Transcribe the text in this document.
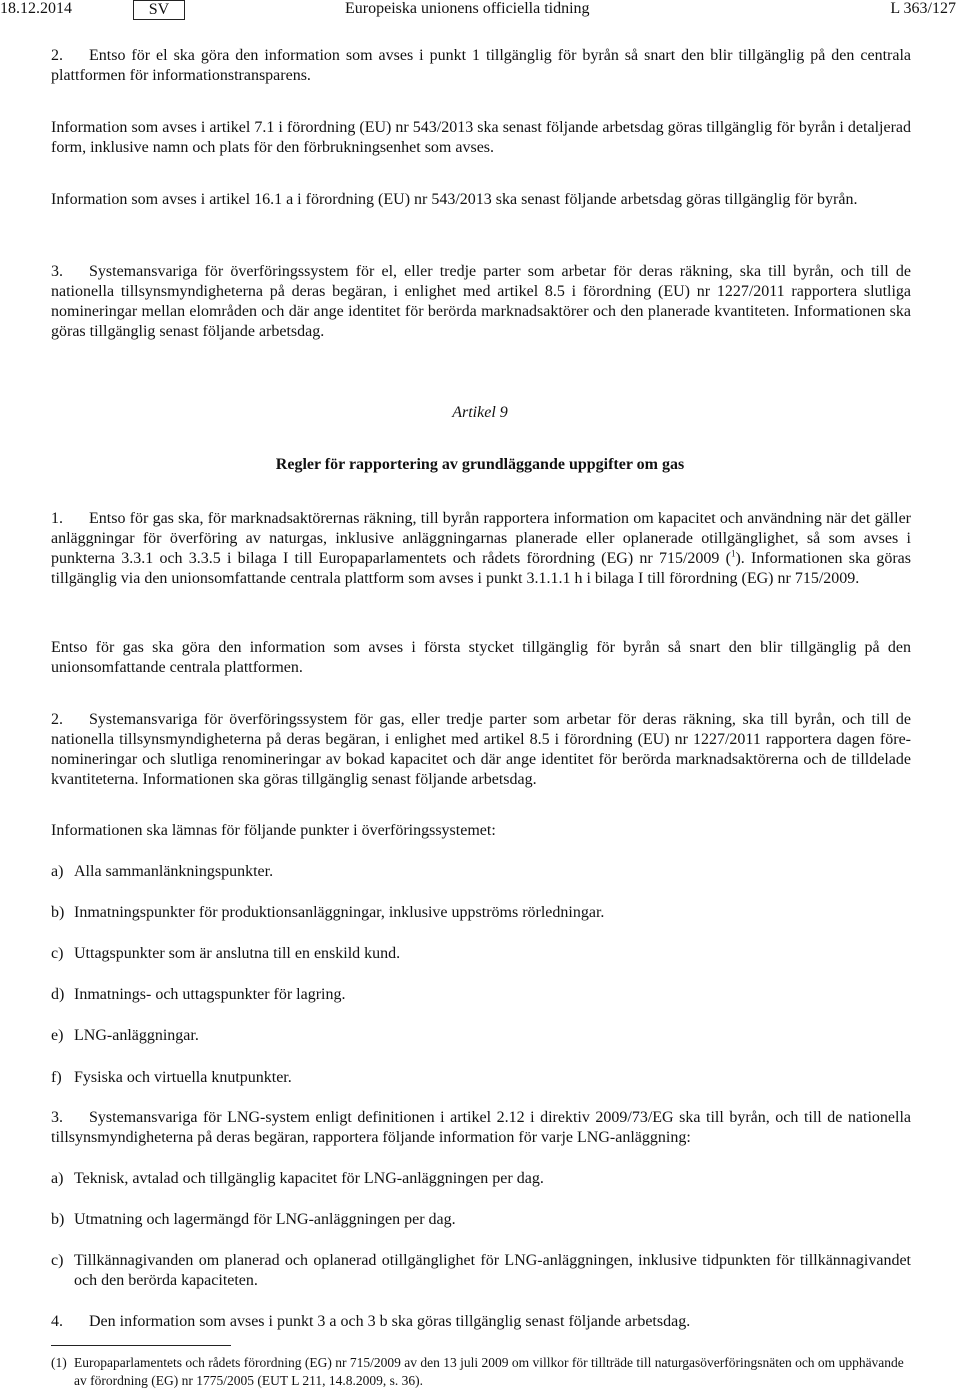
18.12.2014	SV	Europeiska unionens officiella tidning	L 363/127

2. Entso för el ska göra den information som avses i punkt 1 tillgänglig för byrån så snart den blir tillgänglig på den centrala plattformen för informationstransparens.

Information som avses i artikel 7.1 i förordning (EU) nr 543/2013 ska senast följande arbetsdag göras tillgänglig för byrån i detaljerad form, inklusive namn och plats för den förbrukningsenhet som avses.

Information som avses i artikel 16.1 a i förordning (EU) nr 543/2013 ska senast följande arbetsdag göras tillgänglig för byrån.

3. Systemansvariga för överföringssystem för el, eller tredje parter som arbetar för deras räkning, ska till byrån, och till de nationella tillsynsmyndigheterna på deras begäran, i enlighet med artikel 8.5 i förordning (EU) nr 1227/2011 rapportera slutliga nomineringar mellan elområden och där ange identitet för berörda marknadsaktörer och den planerade kvantiteten. Informationen ska göras tillgänglig senast följande arbetsdag.

Artikel 9
Regler för rapportering av grundläggande uppgifter om gas

1. Entso för gas ska, för marknadsaktörernas räkning, till byrån rapportera information om kapacitet och användning när det gäller anläggningar för överföring av naturgas, inklusive anläggningarnas planerade eller oplanerade otillgänglighet, så som avses i punkterna 3.3.1 och 3.3.5 i bilaga I till Europaparlamentets och rådets förordning (EG) nr 715/2009 ($^1$). Informationen ska göras tillgänglig via den unionsomfattande centrala plattform som avses i punkt 3.1.1.1 h i bilaga I till förordning (EG) nr 715/2009.

Entso för gas ska göra den information som avses i första stycket tillgänglig för byrån så snart den blir tillgänglig på den unionsomfattande centrala plattformen.

2. Systemansvariga för överföringssystem för gas, eller tredje parter som arbetar för deras räkning, ska till byrån, och till de nationella tillsynsmyndigheterna på deras begäran, i enlighet med artikel 8.5 i förordning (EU) nr 1227/2011 rapportera dagen före-nomineringar och slutliga renomineringar av bokad kapacitet och där ange identitet för berörda marknadsaktörerna och de tilldelade kvantiteterna. Informationen ska göras tillgänglig senast följande arbetsdag.

Informationen ska lämnas för följande punkter i överföringssystemet:

a) Alla sammanlänkningspunkter.
b) Inmatningspunkter för produktionsanläggningar, inklusive uppströms rörledningar.
c) Uttagspunkter som är anslutna till en enskild kund.
d) Inmatnings- och uttagspunkter för lagring.
e) LNG-anläggningar.
f) Fysiska och virtuella knutpunkter.

3. Systemansvariga för LNG-system enligt definitionen i artikel 2.12 i direktiv 2009/73/EG ska till byrån, och till de nationella tillsynsmyndigheterna på deras begäran, rapportera följande information för varje LNG-anläggning:

a) Teknisk, avtalad och tillgänglig kapacitet för LNG-anläggningen per dag.
b) Utmatning och lagermängd för LNG-anläggningen per dag.
c) Tillkännagivanden om planerad och oplanerad otillgänglighet för LNG-anläggningen, inklusive tidpunkten för tillkännagivandet och den berörda kapaciteten.

4. Den information som avses i punkt 3 a och 3 b ska göras tillgänglig senast följande arbetsdag.

(1) Europaparlamentets och rådets förordning (EG) nr 715/2009 av den 13 juli 2009 om villkor för tillträde till naturgasöverföringsnäten och om upphävande av förordning (EG) nr 1775/2005 (EUT L 211, 14.8.2009, s. 36).
